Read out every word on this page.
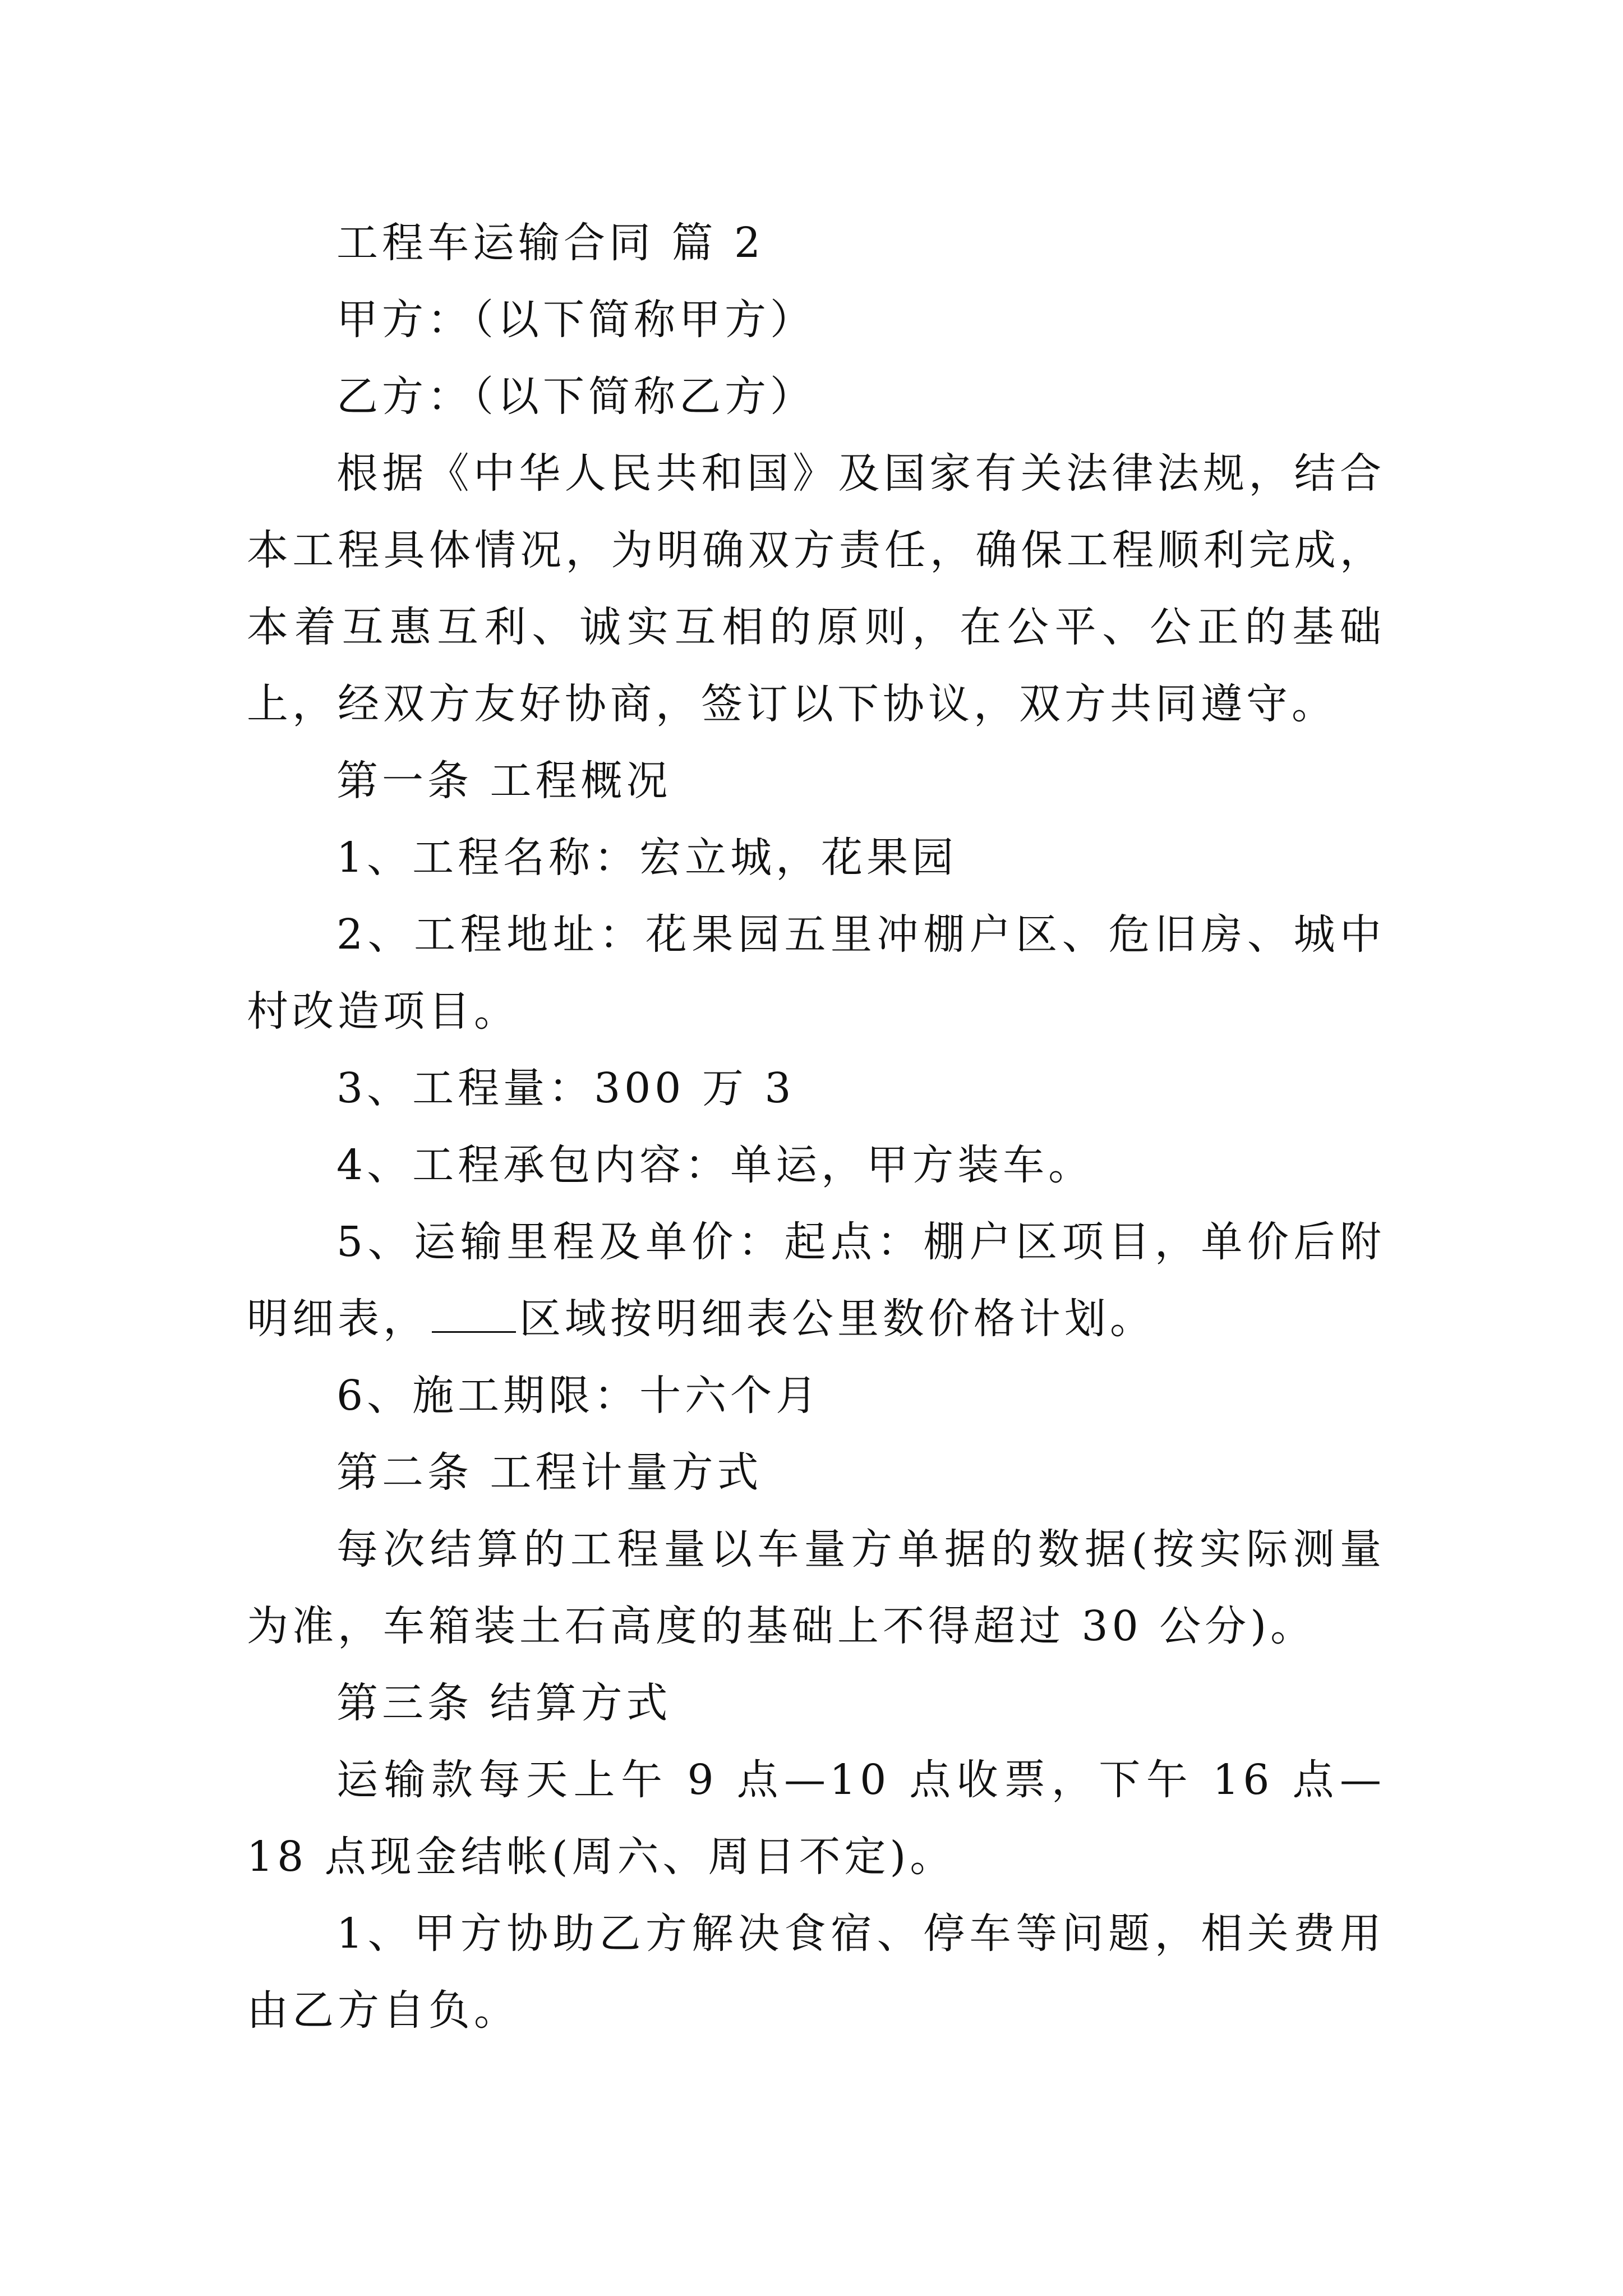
工程车运输合同 篇 2

甲方：（以下简称甲方）

乙方：（以下简称乙方）

根据《中华人民共和国》及国家有关法律法规，结合本工程具体情况，为明确双方责任，确保工程顺利完成，本着互惠互利、诚实互相的原则，在公平、公正的基础上，经双方友好协商，签订以下协议，双方共同遵守。

第一条 工程概况

1、工程名称：宏立城，花果园

2、工程地址：花果园五里冲棚户区、危旧房、城中村改造项目。

3、工程量：300 万 3

4、工程承包内容：单运，甲方装车。

5、运输里程及单价：起点：棚户区项目，单价后附明细表， 区域按明细表公里数价格计划。

6、施工期限：十六个月

第二条 工程计量方式

每次结算的工程量以车量方单据的数据(按实际测量为准，车箱装土石高度的基础上不得超过 30 公分)。

第三条 结算方式

运输款每天上午 9 点—10 点收票，下午 16 点—18 点现金结帐(周六、周日不定)。

1、甲方协助乙方解决食宿、停车等问题，相关费用由乙方自负。
